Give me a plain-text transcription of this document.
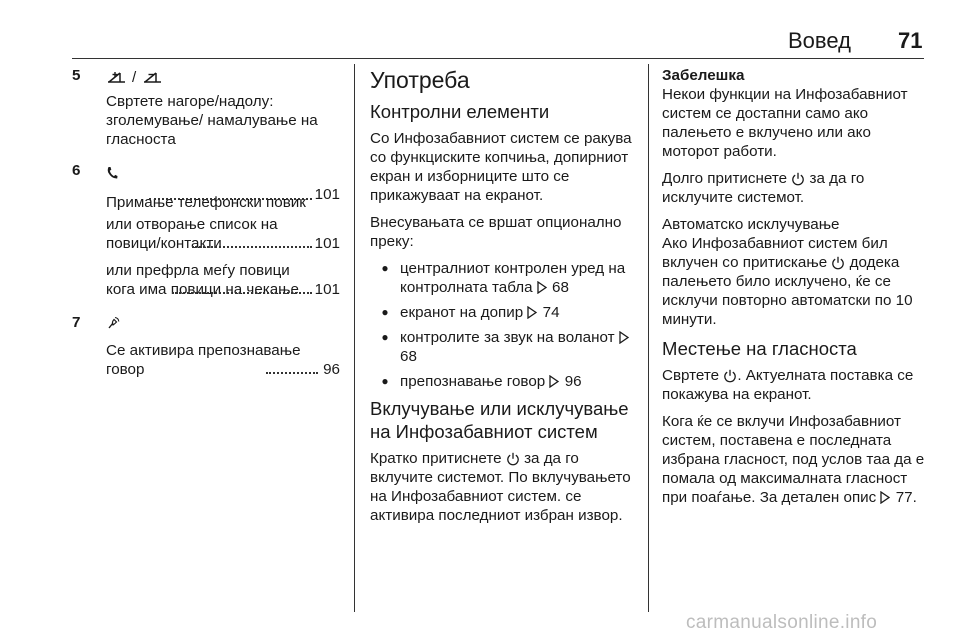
Вовед 71
5	/

Свртете нагоре/надолу: зголемување/ намалување на гласноста

6

Примање телефонски повик 101
или отворање список на повици/контакти	101
или префрла меѓу повици кога има повици на чекање 101
7
Се активира препознавање говор	96
Употреба
Контролни елементи

Со Инфозабавниот систем се ракува со функциските копчиња, допирниот екран и изборниците што се прикажуваат на екранот.

Внесувањата се вршат опционално преку:

● централниот контролен уред на контролната табла 68
● екранот на допир 74
● контролите за звук на воланот  68
● препознавање говор 96
Вклучување или исклучување на Инфозабавниот систем

Кратко притиснете за да го вклучите системот. По вклучувањето на Инфозабавниот систем. се активира последниот избран извор.

Забелешка
Некои функции на Инфозабавниот систем се достапни само ако палењето е вклучено или ако моторот работи.

Долго притиснете за да го исклучите системот.

Автоматско исклучување

Ако Инфозабавниот систем бил вклучен со притискање додека палењето било исклучено, ќе се исклучи повторно автоматски по 10 минути.

Местење на гласноста

Свртете . Актуелната поставка се покажува на екранот.

Кога ќе се вклучи Инфозабавниот систем, поставена е последната избрана гласност, под услов таа да е помала од максималната гласност при поаѓање. За детален опис 77.

carmanualsonline.info
